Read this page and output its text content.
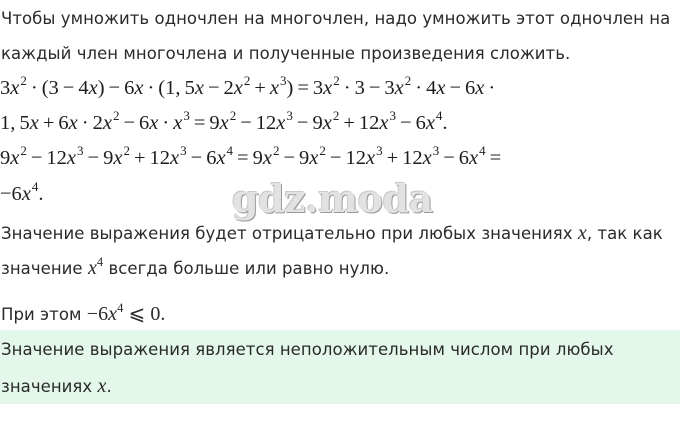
Чтобы умножить одночлен на многочлен, надо умножить этот одночлен на
каждый член многочлена и полученные произведения сложить.
$3x^2 \cdot (3 - 4x) - 6x \cdot (1$, $5x - 2x^2 + x^3) = 3x^2 \cdot 3 - 3x^2 \cdot 4x - 6x$ ·
1, $5x + 6x \cdot 2x^2 - 6x \cdot x^3 = 9x^2 - 12x^3 - 9x^2 + 12x^3 - 6x^4$.
$9x^2 - 12x^3 - 9x^2 + 12x^3 - 6x^4 = 9x^2 - 9x^2 - 12x^3 + 12x^3 - 6x^4$ =
$-6x^4$.	gdz.moda
Значение выражения будет отрицательно при любых значениях x, так как
значение $x^4$ всегда больше или равно нулю.
При этом $-6x^4$ ⩽ 0.
Значение выражения является неположительным числом при любых
значениях x.
